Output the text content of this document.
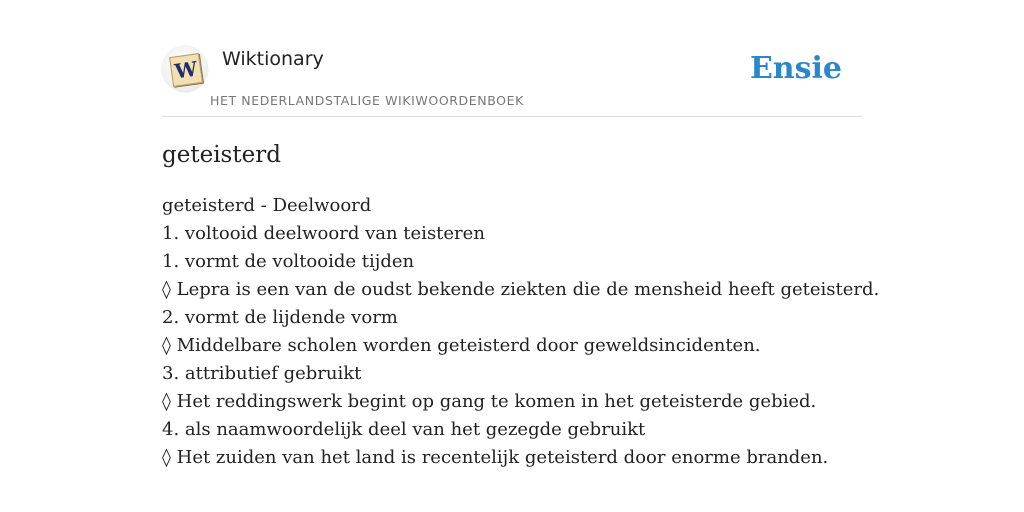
W Wiktionary
HET NEDERLANDSTALIGE WIKIWOORDENBOEK
Ensie
geteisterd
geteisterd - Deelwoord
1. voltooid deelwoord van teisteren
1. vormt de voltooide tijden
◊ Lepra is een van de oudst bekende ziekten die de mensheid heeft geteisterd.
2. vormt de lijdende vorm
◊ Middelbare scholen worden geteisterd door geweldsincidenten.
3. attributief gebruikt
◊ Het reddingswerk begint op gang te komen in het geteisterde gebied.
4. als naamwoordelijk deel van het gezegde gebruikt
◊ Het zuiden van het land is recentelijk geteisterd door enorme branden.
